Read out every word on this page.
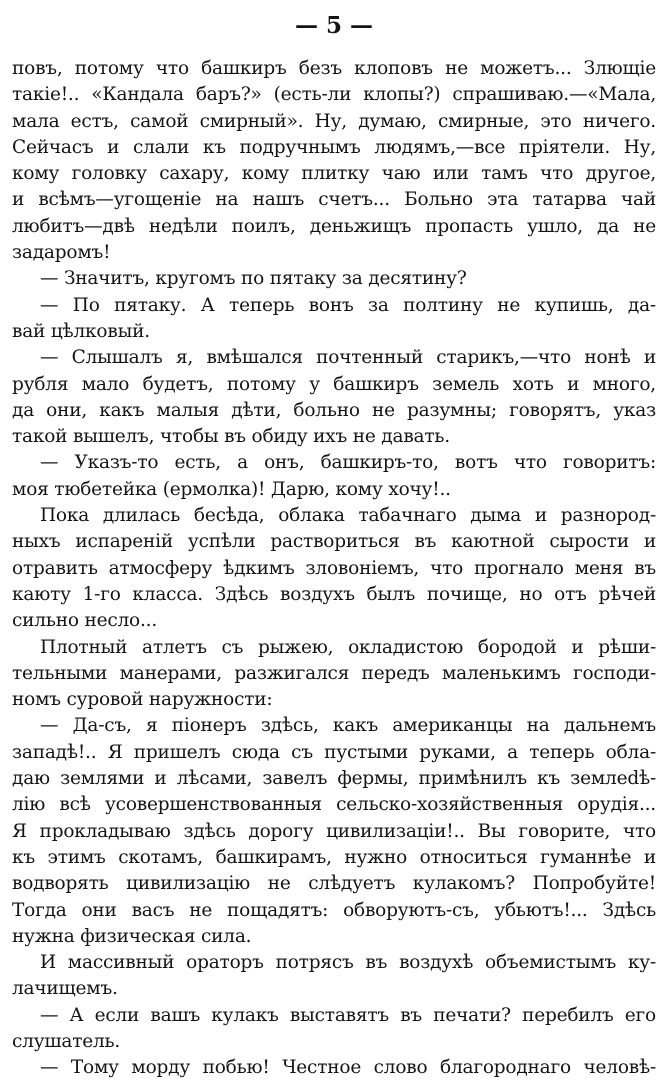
— 5 —
повъ, потому что башкиръ безъ клоповъ не можетъ... Злющіе
такіе!.. «Кандала баръ?» (есть-ли клопы?) спрашиваю.—«Мала,
мала естъ, самой смирный». Ну, думаю, смирные, это ничего.
Сейчасъ и слали къ подручнымъ людямъ,—все пріятели. Ну,
кому головку сахару, кому плитку чаю или тамъ что другое,
и всѣмъ—угощеніе на нашъ счетъ... Больно эта татарва чай
любитъ—двѣ недѣли поилъ, деньжищъ пропасть ушло, да не
задаромъ!
— Значитъ, кругомъ по пятаку за десятину?
— По пятаку. А теперь вонъ за полтину не купишь, да-
вай цѣлковый.
— Слышалъ я, вмѣшался почтенный старикъ,—что нонѣ и
рубля мало будетъ, потому у башкиръ земель хоть и много,
да они, какъ малыя дѣти, больно не разумны; говорятъ, указ
такой вышелъ, чтобы въ обиду ихъ не давать.
— Указъ-то есть, а онъ, башкиръ-то, вотъ что говоритъ:
моя тюбетейка (ермолка)! Дарю, кому хочу!..
Пока длилась бесѣда, облака табачнаго дыма и разнород-
ныхъ испареній успѣли раствориться въ каютной сырости и
отравить атмосферу ѣдкимъ зловоніемъ, что прогнало меня въ
каюту 1-го класса. Здѣсь воздухъ былъ почище, но отъ рѣчей
сильно несло...
Плотный атлетъ съ рыжею, окладистою бородой и рѣши-
тельными манерами, разжигался передъ маленькимъ господи-
номъ суровой наружности:
— Да-съ, я піонеръ здѣсь, какъ американцы на дальнемъ
западѣ!.. Я пришелъ сюда съ пустыми руками, а теперь обла-
даю землями и лѣсами, завелъ фермы, примѣнилъ къ землedѣ-
лію всѣ усовершенствованныя сельско-хозяйственныя орудія...
Я прокладываю здѣсь дорогу цивилизаціи!.. Вы говорите, что
къ этимъ скотамъ, башкирамъ, нужно относиться гуманнѣе и
водворять цивилизацію не слѣдуетъ кулакомъ? Попробуйте!
Тогда они васъ не пощадятъ: обворуютъ-съ, убьютъ!... Здѣсь
нужна физическая сила.
И массивный ораторъ потрясъ въ воздухѣ объемистымъ ку-
лачищемъ.
— А если вашъ кулакъ выставятъ въ печати? перебилъ его
слушатель.
— Тому морду побью! Честное слово благороднаго человѣ-
